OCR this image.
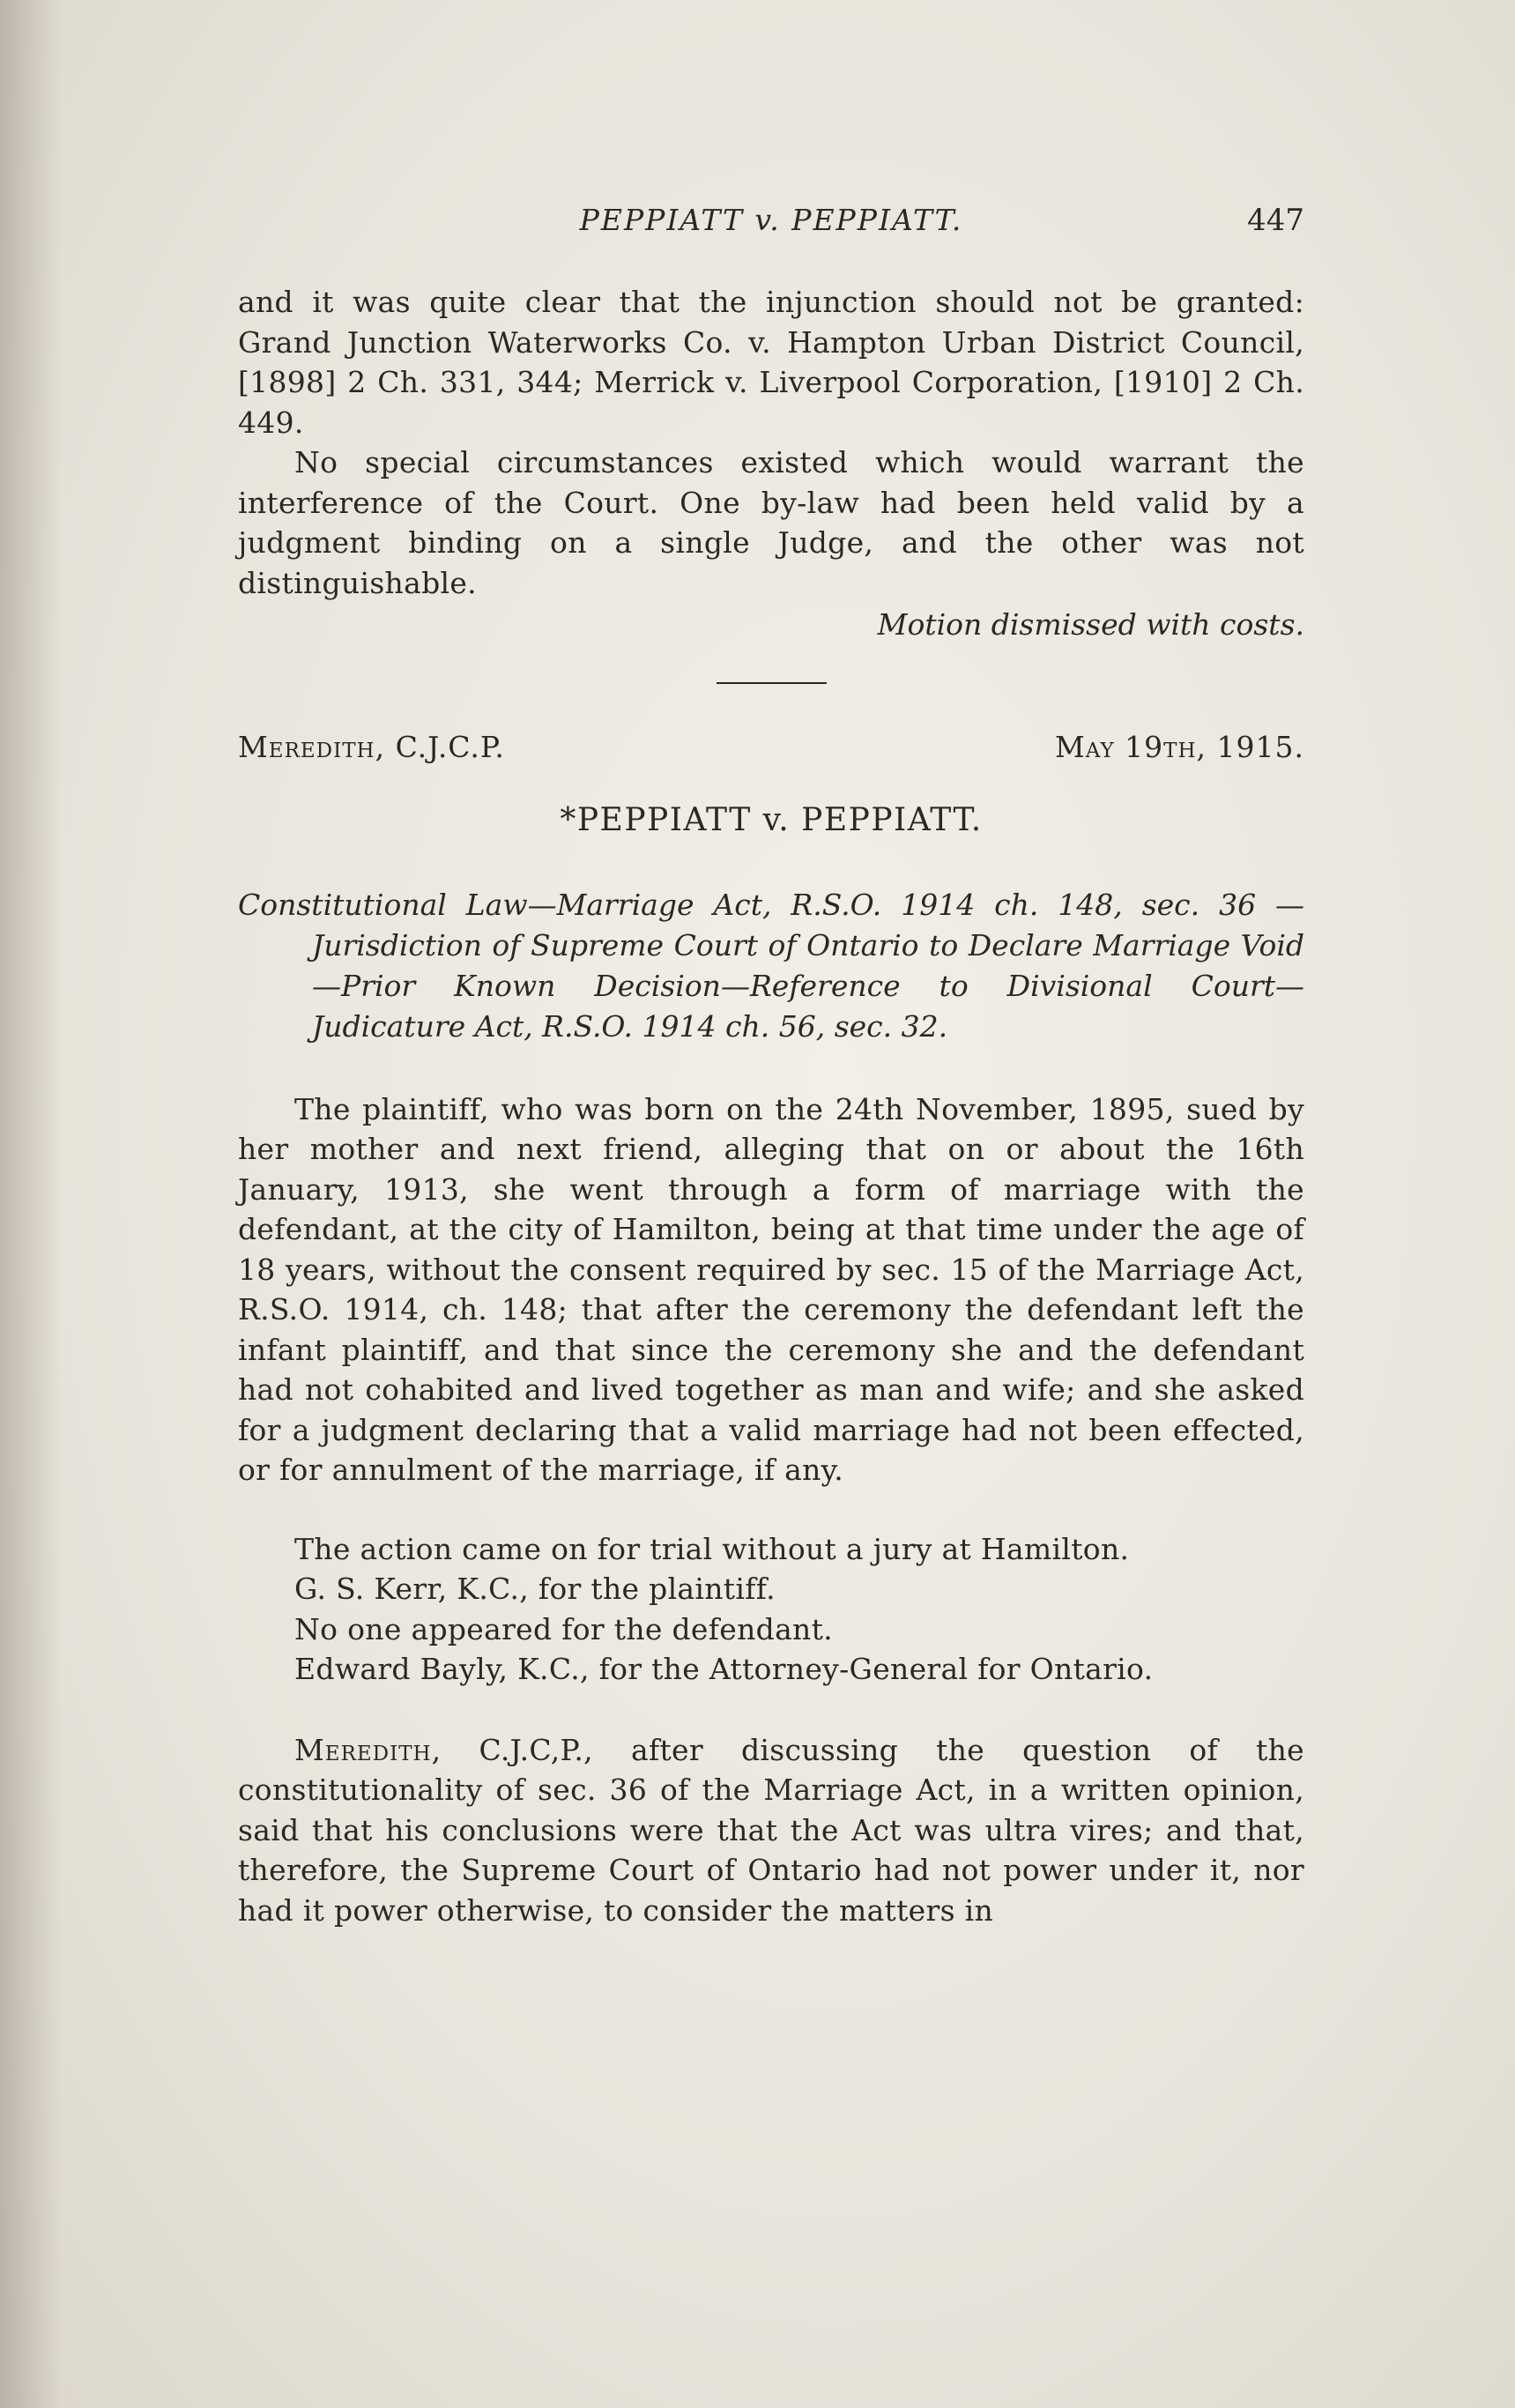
PEPPIATT v. PEPPIATT.	447

and it was quite clear that the injunction should not be granted: Grand Junction Waterworks Co. v. Hampton Urban District Council, [1898] 2 Ch. 331, 344; Merrick v. Liverpool Corporation, [1910] 2 Ch. 449.

No special circumstances existed which would warrant the interference of the Court. One by-law had been held valid by a judgment binding on a single Judge, and the other was not distinguishable.

Motion dismissed with costs.
Meredith, C.J.C.P.	May 19th, 1915.
*PEPPIATT v. PEPPIATT.
Constitutional Law—Marriage Act, R.S.O. 1914 ch. 148, sec. 36 —Jurisdiction of Supreme Court of Ontario to Declare Marriage Void—Prior Known Decision—Reference to Divisional Court—Judicature Act, R.S.O. 1914 ch. 56, sec. 32.

The plaintiff, who was born on the 24th November, 1895, sued by her mother and next friend, alleging that on or about the 16th January, 1913, she went through a form of marriage with the defendant, at the city of Hamilton, being at that time under the age of 18 years, without the consent required by sec. 15 of the Marriage Act, R.S.O. 1914, ch. 148; that after the ceremony the defendant left the infant plaintiff, and that since the ceremony she and the defendant had not cohabited and lived together as man and wife; and she asked for a judgment declaring that a valid marriage had not been effected, or for annulment of the marriage, if any.

The action came on for trial without a jury at Hamilton.

G. S. Kerr, K.C., for the plaintiff.

No one appeared for the defendant.

Edward Bayly, K.C., for the Attorney-General for Ontario.

Meredith, C.J.C,P., after discussing the question of the constitutionality of sec. 36 of the Marriage Act, in a written opinion, said that his conclusions were that the Act was ultra vires; and that, therefore, the Supreme Court of Ontario had not power under it, nor had it power otherwise, to consider the matters in
